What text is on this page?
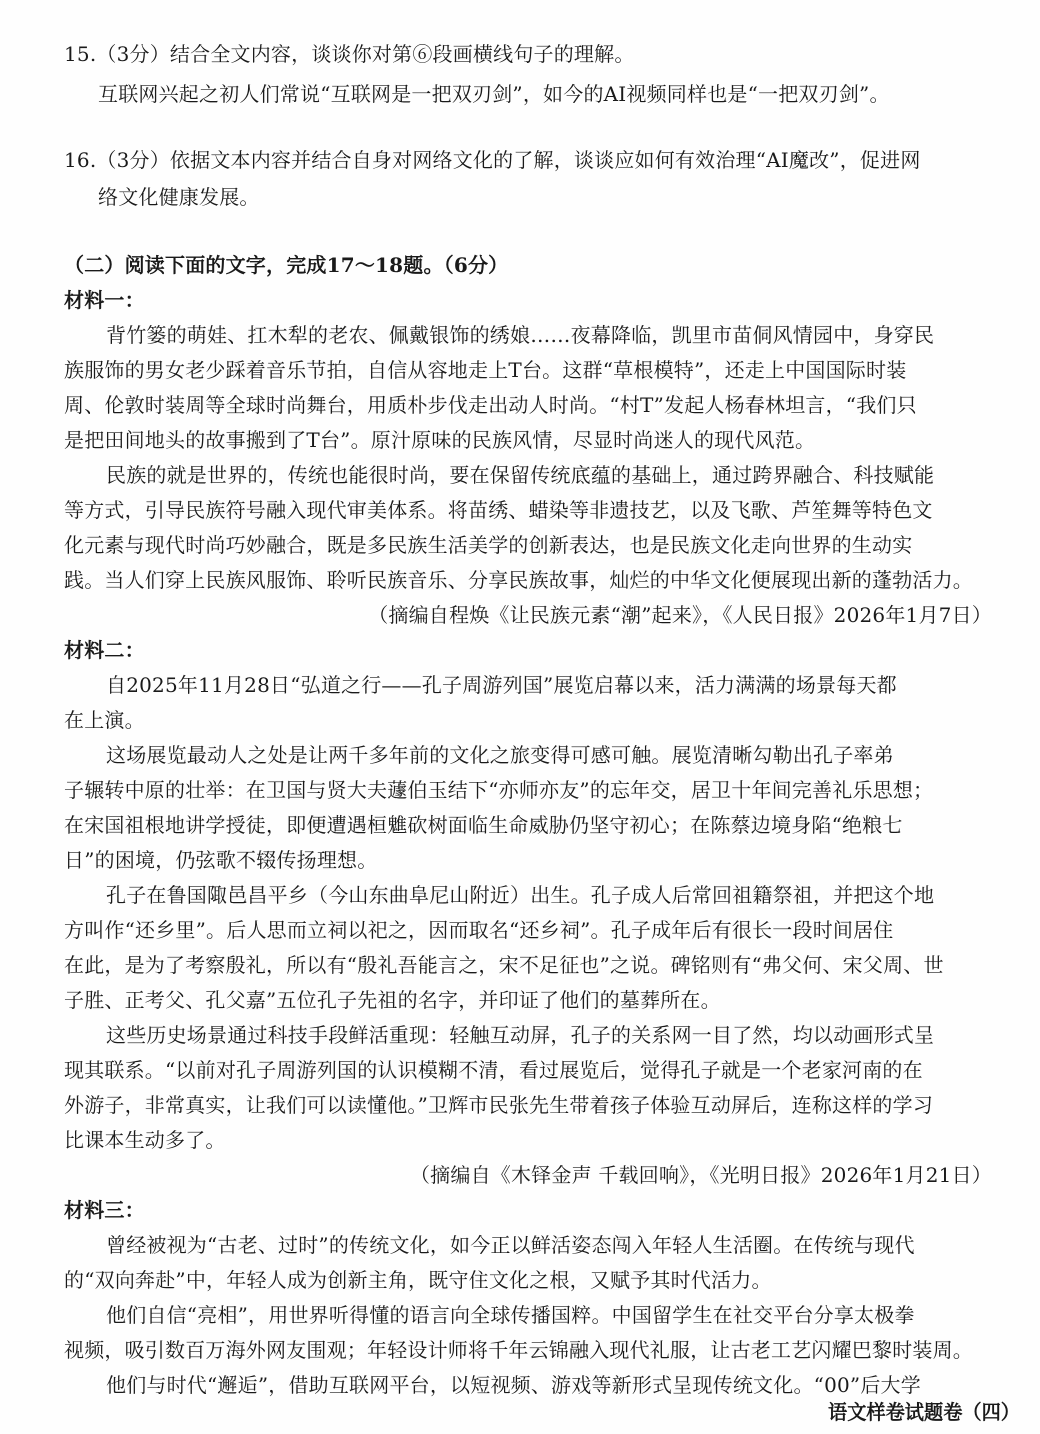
15.（3分）结合全文内容，谈谈你对第⑥段画横线句子的理解。
互联网兴起之初人们常说“互联网是一把双刃剑”，如今的AI视频同样也是“一把双刃剑”。
16.（3分）依据文本内容并结合自身对网络文化的了解，谈谈应如何有效治理“AI魔改”，促进网
络文化健康发展。
（二）阅读下面的文字，完成17～18题。（6分）
材料一：
背竹篓的萌娃、扛木犁的老农、佩戴银饰的绣娘……夜幕降临，凯里市苗侗风情园中，身穿民
族服饰的男女老少踩着音乐节拍，自信从容地走上T台。这群“草根模特”，还走上中国国际时装
周、伦敦时装周等全球时尚舞台，用质朴步伐走出动人时尚。“村T”发起人杨春林坦言，“我们只
是把田间地头的故事搬到了T台”。原汁原味的民族风情，尽显时尚迷人的现代风范。
民族的就是世界的，传统也能很时尚，要在保留传统底蕴的基础上，通过跨界融合、科技赋能
等方式，引导民族符号融入现代审美体系。将苗绣、蜡染等非遗技艺，以及飞歌、芦笙舞等特色文
化元素与现代时尚巧妙融合，既是多民族生活美学的创新表达，也是民族文化走向世界的生动实
践。当人们穿上民族风服饰、聆听民族音乐、分享民族故事，灿烂的中华文化便展现出新的蓬勃活力。
（摘编自程焕《让民族元素“潮”起来》，《人民日报》2026年1月7日）
材料二：
自2025年11月28日“弘道之行——孔子周游列国”展览启幕以来，活力满满的场景每天都
在上演。
这场展览最动人之处是让两千多年前的文化之旅变得可感可触。展览清晰勾勒出孔子率弟
子辗转中原的壮举：在卫国与贤大夫蘧伯玉结下“亦师亦友”的忘年交，居卫十年间完善礼乐思想；
在宋国祖根地讲学授徒，即便遭遇桓魋砍树面临生命威胁仍坚守初心；在陈蔡边境身陷“绝粮七
日”的困境，仍弦歌不辍传扬理想。
孔子在鲁国陬邑昌平乡（今山东曲阜尼山附近）出生。孔子成人后常回祖籍祭祖，并把这个地
方叫作“还乡里”。后人思而立祠以祀之，因而取名“还乡祠”。孔子成年后有很长一段时间居住
在此，是为了考察殷礼，所以有“殷礼吾能言之，宋不足征也”之说。碑铭则有“弗父何、宋父周、世
子胜、正考父、孔父嘉”五位孔子先祖的名字，并印证了他们的墓葬所在。
这些历史场景通过科技手段鲜活重现：轻触互动屏，孔子的关系网一目了然，均以动画形式呈
现其联系。“以前对孔子周游列国的认识模糊不清，看过展览后，觉得孔子就是一个老家河南的在
外游子，非常真实，让我们可以读懂他。”卫辉市民张先生带着孩子体验互动屏后，连称这样的学习
比课本生动多了。
（摘编自《木铎金声 千载回响》，《光明日报》2026年1月21日）
材料三：
曾经被视为“古老、过时”的传统文化，如今正以鲜活姿态闯入年轻人生活圈。在传统与现代
的“双向奔赴”中，年轻人成为创新主角，既守住文化之根，又赋予其时代活力。
他们自信“亮相”，用世界听得懂的语言向全球传播国粹。中国留学生在社交平台分享太极拳
视频，吸引数百万海外网友围观；年轻设计师将千年云锦融入现代礼服，让古老工艺闪耀巴黎时装周。
他们与时代“邂逅”，借助互联网平台，以短视频、游戏等新形式呈现传统文化。“00”后大学
语文样卷试题卷（四）
